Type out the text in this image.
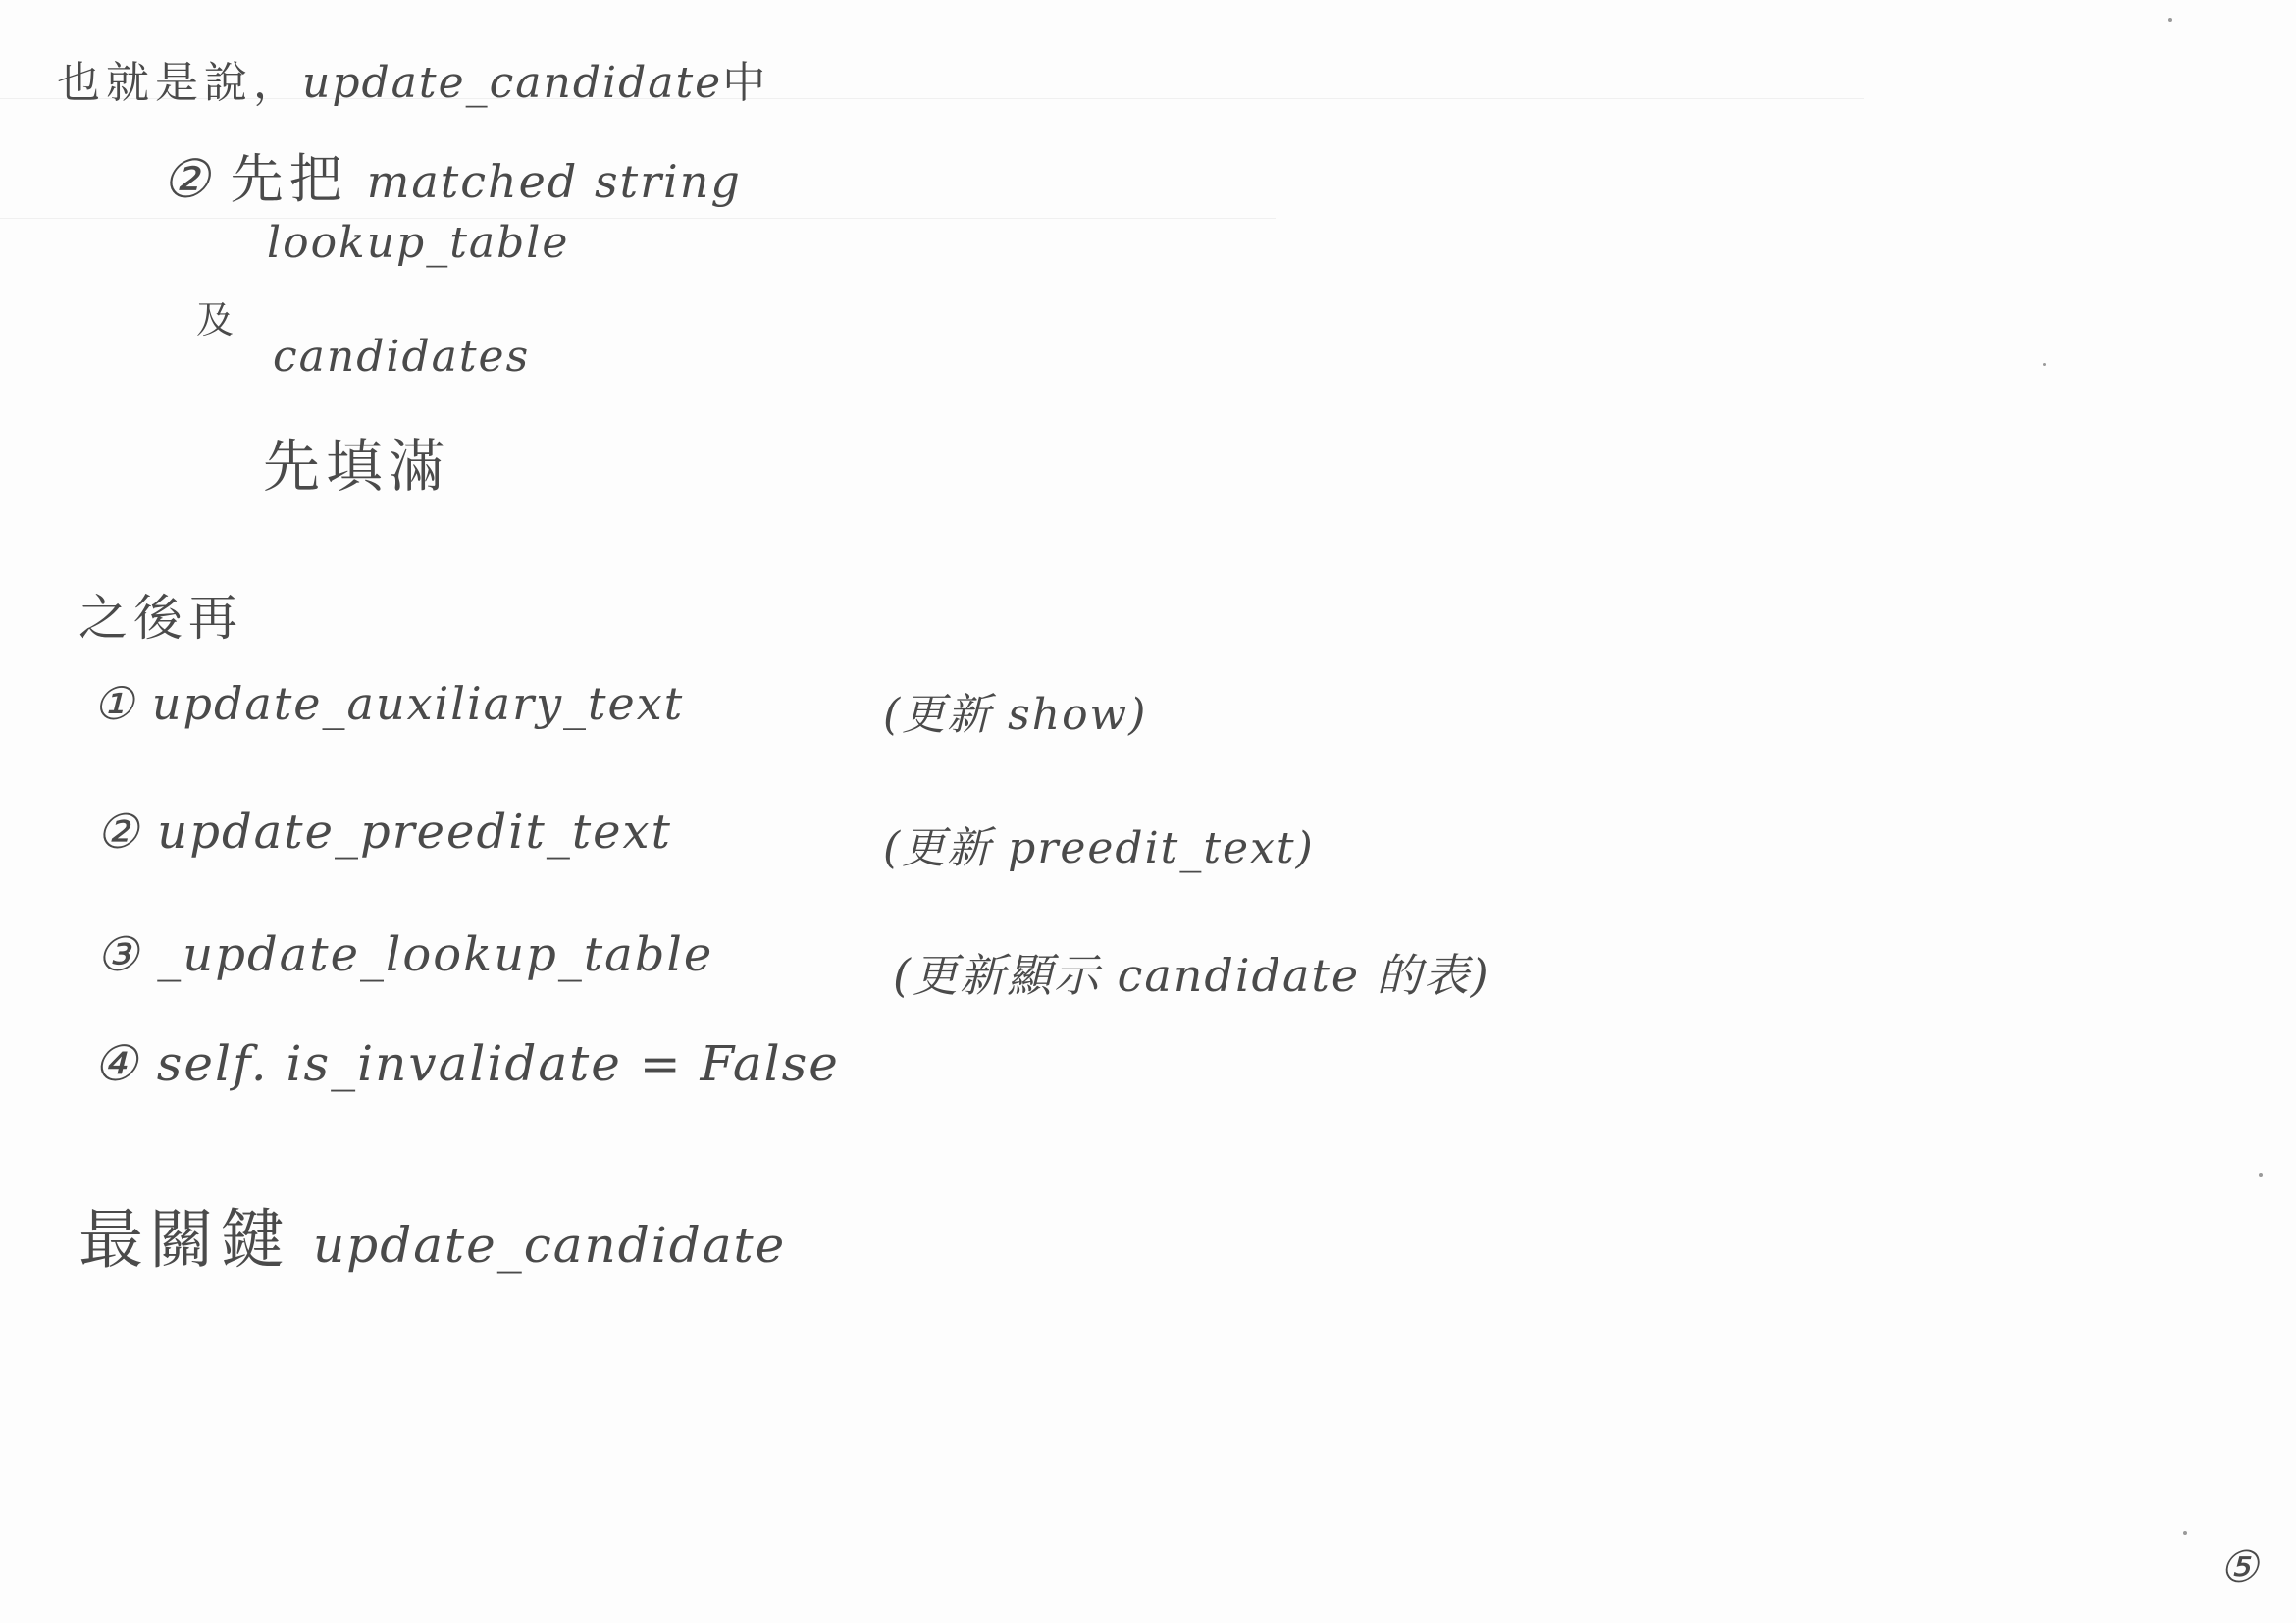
也就是說，update_candidate中
② 先把 matched string
lookup_table
及
candidates
先填滿
之後再
① update_auxiliary_text	(更新 show)
② update_preedit_text	(更新 preedit_text)
③ _update_lookup_table	(更新顯示 candidate 的表)
④ self. is_invalidate = False
最關鍵 update_candidate
⑤
